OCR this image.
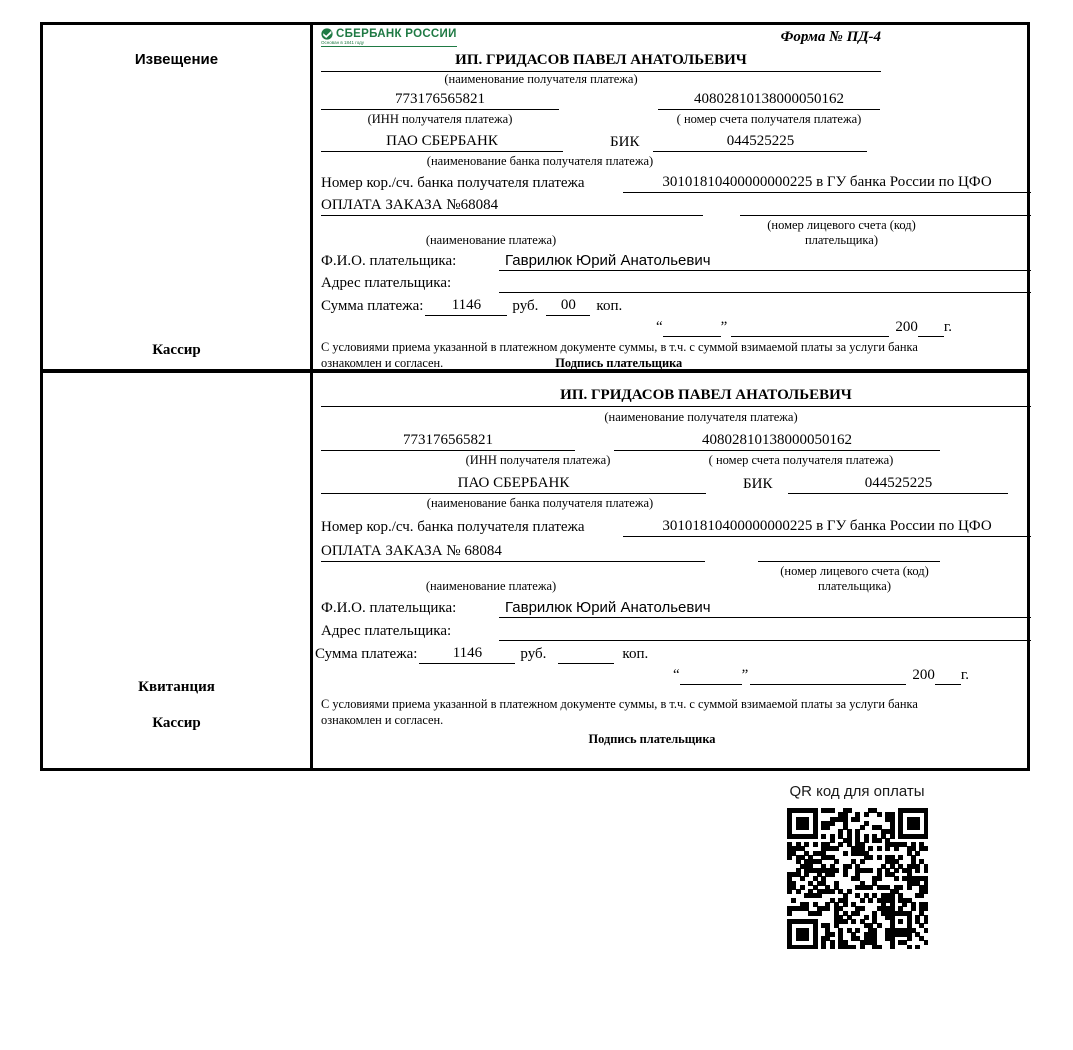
Извещение
Кассир
СБЕРБАНК РОССИИ
Основан в 1841 году	Форма № ПД-4
ИП. ГРИДАСОВ ПАВЕЛ АНАТОЛЬЕВИЧ
(наименование получателя платежа)
773176565821	40802810138000050162
(ИНН получателя платежа)	( номер счета получателя платежа)
ПАО СБЕРБАНК	БИК	044525225
(наименование банка получателя платежа)
Номер кор./сч. банка получателя платежа	30101810400000000225 в ГУ банка России по ЦФО
ОПЛАТА ЗАКАЗА №68084
(наименование платежа)
(номер лицевого счета (код) плательщика)
Ф.И.О. плательщика:	Гаврилюк Юрий Анатольевич
Адрес плательщика:
Сумма платежа:	1146	руб.	00	коп.
“	”	200 г.
С условиями приема указанной в платежном документе суммы, в т.ч. с суммой взимаемой платы за услуги банка
ознакомлен и согласен.	Подпись плательщика
Квитанция
Кассир
ИП. ГРИДАСОВ ПАВЕЛ АНАТОЛЬЕВИЧ
(наименование получателя платежа)
773176565821	40802810138000050162
(ИНН получателя платежа)	( номер счета получателя платежа)
ПАО СБЕРБАНК	БИК	044525225
(наименование банка получателя платежа)
Номер кор./сч. банка получателя платежа	30101810400000000225 в ГУ банка России по ЦФО
ОПЛАТА ЗАКАЗА № 68084
(наименование платежа)
(номер лицевого счета (код) плательщика)
Ф.И.О. плательщика:	Гаврилюк Юрий Анатольевич
Адрес плательщика:
Сумма платежа:	1146	руб.	коп.
“	”	200 г.
С условиями приема указанной в платежном документе суммы, в т.ч. с суммой взимаемой платы за услуги банка
ознакомлен и согласен.
Подпись плательщика
QR код для оплаты
